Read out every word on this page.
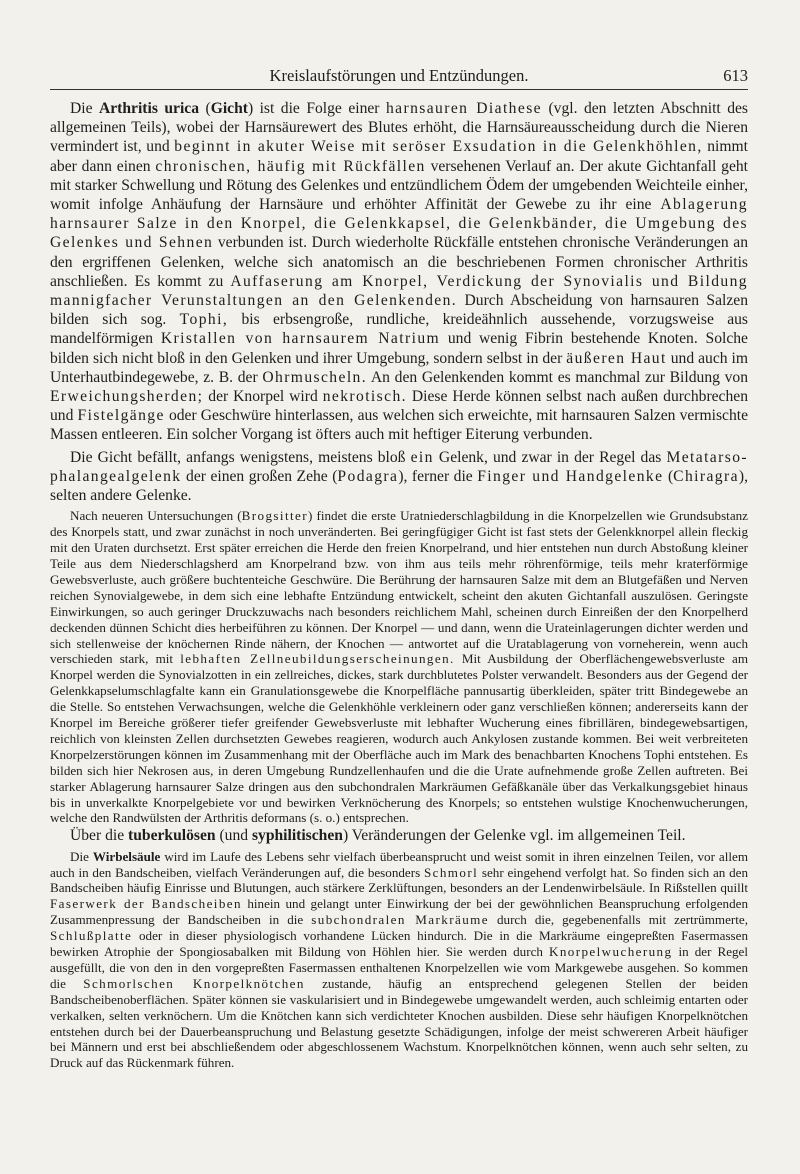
Kreislaufstörungen und Entzündungen.	613

Die Arthritis urica (Gicht) ist die Folge einer harnsauren Diathese (vgl. den letzten Abschnitt des allgemeinen Teils), wobei der Harnsäurewert des Blutes erhöht, die Harnsäureausscheidung durch die Nieren vermindert ist, und beginnt in akuter Weise mit seröser Exsudation in die Gelenkhöhlen, nimmt aber dann einen chronischen, häufig mit Rückfällen versehenen Verlauf an. Der akute Gichtanfall geht mit starker Schwellung und Rötung des Gelenkes und entzündlichem Ödem der umgebenden Weichteile einher, womit infolge Anhäufung der Harnsäure und erhöhter Affinität der Gewebe zu ihr eine Ablagerung harnsaurer Salze in den Knorpel, die Gelenkkapsel, die Gelenkbänder, die Umgebung des Gelenkes und Sehnen verbunden ist. Durch wiederholte Rückfälle entstehen chronische Veränderungen an den ergriffenen Gelenken, welche sich anatomisch an die beschriebenen Formen chronischer Arthritis anschließen. Es kommt zu Auffaserung am Knorpel, Verdickung der Synovialis und Bildung mannigfacher Verunstaltungen an den Gelenkenden. Durch Abscheidung von harnsauren Salzen bilden sich sog. Tophi, bis erbsengroße, rundliche, kreideähnlich aussehende, vorzugsweise aus mandelförmigen Kristallen von harnsaurem Natrium und wenig Fibrin bestehende Knoten. Solche bilden sich nicht bloß in den Gelenken und ihrer Umgebung, sondern selbst in der äußeren Haut und auch im Unterhautbindegewebe, z. B. der Ohrmuscheln. An den Gelenkenden kommt es manchmal zur Bildung von Erweichungsherden; der Knorpel wird nekrotisch. Diese Herde können selbst nach außen durchbrechen und Fistelgänge oder Geschwüre hinterlassen, aus welchen sich erweichte, mit harnsauren Salzen vermischte Massen entleeren. Ein solcher Vorgang ist öfters auch mit heftiger Eiterung verbunden.

Die Gicht befällt, anfangs wenigstens, meistens bloß ein Gelenk, und zwar in der Regel das Metatarso-phalangealgelenk der einen großen Zehe (Podagra), ferner die Finger und Handgelenke (Chiragra), selten andere Gelenke.

Nach neueren Untersuchungen (Brogsitter) findet die erste Uratniederschlagbildung in die Knorpelzellen wie Grundsubstanz des Knorpels statt, und zwar zunächst in noch unveränderten. Bei geringfügiger Gicht ist fast stets der Gelenkknorpel allein fleckig mit den Uraten durchsetzt. Erst später erreichen die Herde den freien Knorpelrand, und hier entstehen nun durch Abstoßung kleiner Teile aus dem Niederschlagsherd am Knorpelrand bzw. von ihm aus teils mehr röhrenförmige, teils mehr kraterförmige Gewebsverluste, auch größere buchtenteiche Geschwüre. Die Berührung der harnsauren Salze mit dem an Blutgefäßen und Nerven reichen Synovialgewebe, in dem sich eine lebhafte Entzündung entwickelt, scheint den akuten Gichtanfall auszulösen. Geringste Einwirkungen, so auch geringer Druckzuwachs nach besonders reichlichem Mahl, scheinen durch Einreißen der den Knorpelherd deckenden dünnen Schicht dies herbeiführen zu können. Der Knorpel — und dann, wenn die Urateinlagerungen dichter werden und sich stellenweise der knöchernen Rinde nähern, der Knochen — antwortet auf die Uratablagerung von vorneherein, wenn auch verschieden stark, mit lebhaften Zellneubildungserscheinungen. Mit Ausbildung der Oberflächengewebsverluste am Knorpel werden die Synovialzotten in ein zellreiches, dickes, stark durchblutetes Polster verwandelt. Besonders aus der Gegend der Gelenkkapselumschlagfalte kann ein Granulationsgewebe die Knorpelfläche pannusartig überkleiden, später tritt Bindegewebe an die Stelle. So entstehen Verwachsungen, welche die Gelenkhöhle verkleinern oder ganz verschließen können; andererseits kann der Knorpel im Bereiche größerer tiefer greifender Gewebsverluste mit lebhafter Wucherung eines fibrillären, bindegewebsartigen, reichlich von kleinsten Zellen durchsetzten Gewebes reagieren, wodurch auch Ankylosen zustande kommen. Bei weit verbreiteten Knorpelzerstörungen können im Zusammenhang mit der Oberfläche auch im Mark des benachbarten Knochens Tophi entstehen. Es bilden sich hier Nekrosen aus, in deren Umgebung Rundzellenhaufen und die die Urate aufnehmende große Zellen auftreten. Bei starker Ablagerung harnsaurer Salze dringen aus den subchondralen Markräumen Gefäßkanäle über das Verkalkungsgebiet hinaus bis in unverkalkte Knorpelgebiete vor und bewirken Verknöcherung des Knorpels; so entstehen wulstige Knochenwucherungen, welche den Randwülsten der Arthritis deformans (s. o.) entsprechen.

Über die tuberkulösen (und syphilitischen) Veränderungen der Gelenke vgl. im allgemeinen Teil.

Die Wirbelsäule wird im Laufe des Lebens sehr vielfach überbeansprucht und weist somit in ihren einzelnen Teilen, vor allem auch in den Bandscheiben, vielfach Veränderungen auf, die besonders Schmorl sehr eingehend verfolgt hat. So finden sich an den Bandscheiben häufig Einrisse und Blutungen, auch stärkere Zerklüftungen, besonders an der Lendenwirbelsäule. In Rißstellen quillt Faserwerk der Bandscheiben hinein und gelangt unter Einwirkung der bei der gewöhnlichen Beanspruchung erfolgenden Zusammenpressung der Bandscheiben in die subchondralen Markräume durch die, gegebenenfalls mit zertrümmerte, Schlußplatte oder in dieser physiologisch vorhandene Lücken hindurch. Die in die Markräume eingepreßten Fasermassen bewirken Atrophie der Spongiosabalken mit Bildung von Höhlen hier. Sie werden durch Knorpelwucherung in der Regel ausgefüllt, die von den in den vorgepreßten Fasermassen enthaltenen Knorpelzellen wie vom Markgewebe ausgehen. So kommen die Schmorlschen Knorpelknötchen zustande, häufig an entsprechend gelegenen Stellen der beiden Bandscheibenoberflächen. Später können sie vaskularisiert und in Bindegewebe umgewandelt werden, auch schleimig entarten oder verkalken, selten verknöchern. Um die Knötchen kann sich verdichteter Knochen ausbilden. Diese sehr häufigen Knorpelknötchen entstehen durch bei der Dauerbeanspruchung und Belastung gesetzte Schädigungen, infolge der meist schwereren Arbeit häufiger bei Männern und erst bei abschließendem oder abgeschlossenem Wachstum. Knorpelknötchen können, wenn auch sehr selten, zu Druck auf das Rückenmark führen.
